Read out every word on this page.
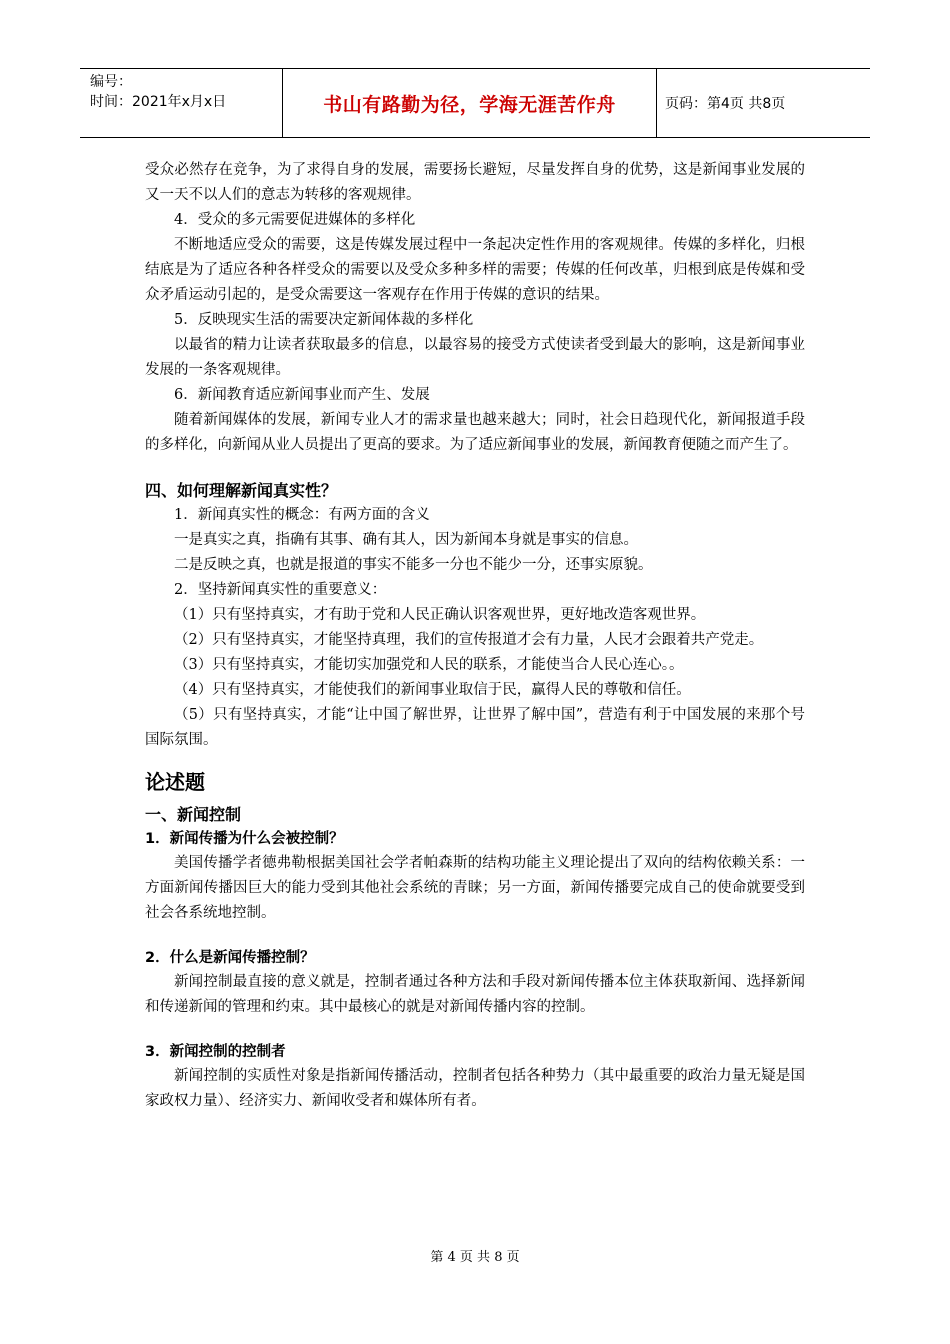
编号：
时间：2021年x月x日	书山有路勤为径，学海无涯苦作舟	页码：第4页 共8页

受众必然存在竞争，为了求得自身的发展，需要扬长避短，尽量发挥自身的优势，这是新闻事业发展的又一天不以人们的意志为转移的客观规律。

4．受众的多元需要促进媒体的多样化

不断地适应受众的需要，这是传媒发展过程中一条起决定性作用的客观规律。传媒的多样化，归根结底是为了适应各种各样受众的需要以及受众多种多样的需要；传媒的任何改革，归根到底是传媒和受众矛盾运动引起的，是受众需要这一客观存在作用于传媒的意识的结果。

5．反映现实生活的需要决定新闻体裁的多样化

以最省的精力让读者获取最多的信息，以最容易的接受方式使读者受到最大的影响，这是新闻事业发展的一条客观规律。

6．新闻教育适应新闻事业而产生、发展

随着新闻媒体的发展，新闻专业人才的需求量也越来越大；同时，社会日趋现代化，新闻报道手段的多样化，向新闻从业人员提出了更高的要求。为了适应新闻事业的发展，新闻教育便随之而产生了。

四、如何理解新闻真实性？

1．新闻真实性的概念：有两方面的含义

一是真实之真，指确有其事、确有其人，因为新闻本身就是事实的信息。

二是反映之真，也就是报道的事实不能多一分也不能少一分，还事实原貌。

2．坚持新闻真实性的重要意义：

（1）只有坚持真实，才有助于党和人民正确认识客观世界，更好地改造客观世界。

（2）只有坚持真实，才能坚持真理，我们的宣传报道才会有力量，人民才会跟着共产党走。

（3）只有坚持真实，才能切实加强党和人民的联系，才能使当合人民心连心。。

（4）只有坚持真实，才能使我们的新闻事业取信于民，赢得人民的尊敬和信任。

（5）只有坚持真实，才能“让中国了解世界，让世界了解中国”，营造有利于中国发展的来那个号国际氛围。

论述题
一、新闻控制
1．新闻传播为什么会被控制？

美国传播学者德弗勒根据美国社会学者帕森斯的结构功能主义理论提出了双向的结构依赖关系：一方面新闻传播因巨大的能力受到其他社会系统的青睐；另一方面，新闻传播要完成自己的使命就要受到社会各系统地控制。

2．什么是新闻传播控制？

新闻控制最直接的意义就是，控制者通过各种方法和手段对新闻传播本位主体获取新闻、选择新闻和传递新闻的管理和约束。其中最核心的就是对新闻传播内容的控制。

3．新闻控制的控制者

新闻控制的实质性对象是指新闻传播活动，控制者包括各种势力（其中最重要的政治力量无疑是国家政权力量）、经济实力、新闻收受者和媒体所有者。

第 4 页 共 8 页
